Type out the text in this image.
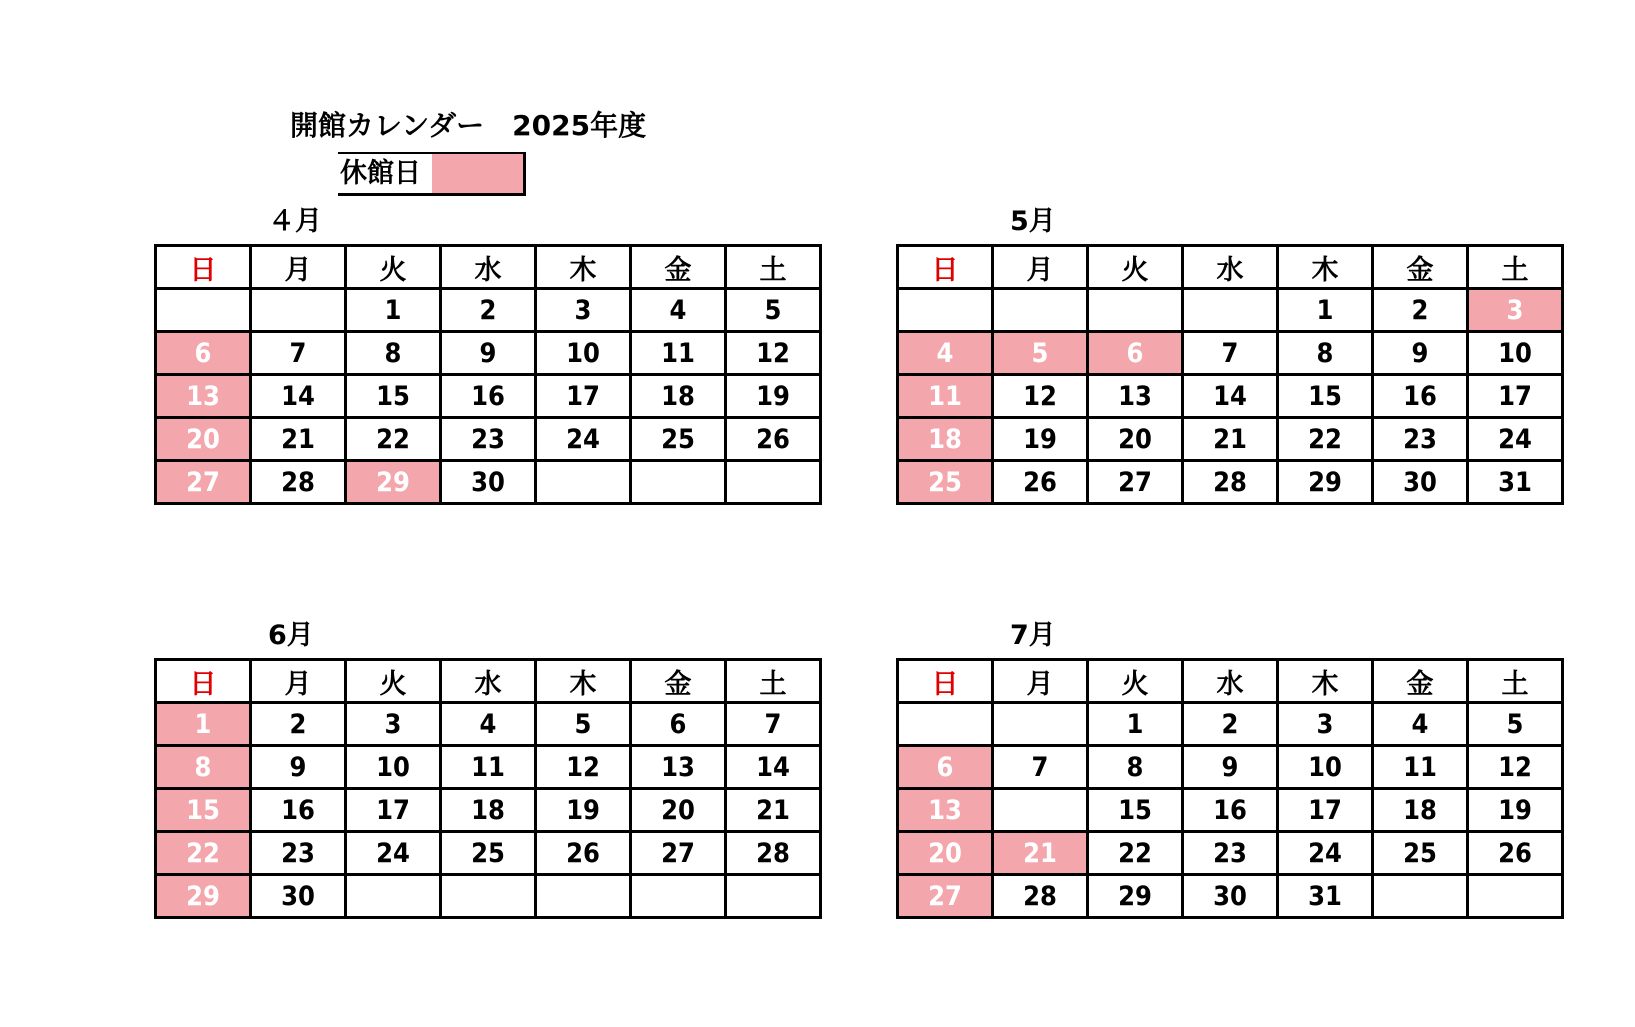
開館カレンダー　2025年度
休館日
４月
日	月	火	水	木	金	土
		1	2	3	4	5
6	7	8	9	10	11	12
13	14	15	16	17	18	19
20	21	22	23	24	25	26
27	28	29	30			
5月
日	月	火	水	木	金	土
				1	2	3
4	5	6	7	8	9	10
11	12	13	14	15	16	17
18	19	20	21	22	23	24
25	26	27	28	29	30	31
6月
日	月	火	水	木	金	土
1	2	3	4	5	6	7
8	9	10	11	12	13	14
15	16	17	18	19	20	21
22	23	24	25	26	27	28
29	30					
7月
日	月	火	水	木	金	土
		1	2	3	4	5
6	7	8	9	10	11	12
13		15	16	17	18	19
20	21	22	23	24	25	26
27	28	29	30	31		
